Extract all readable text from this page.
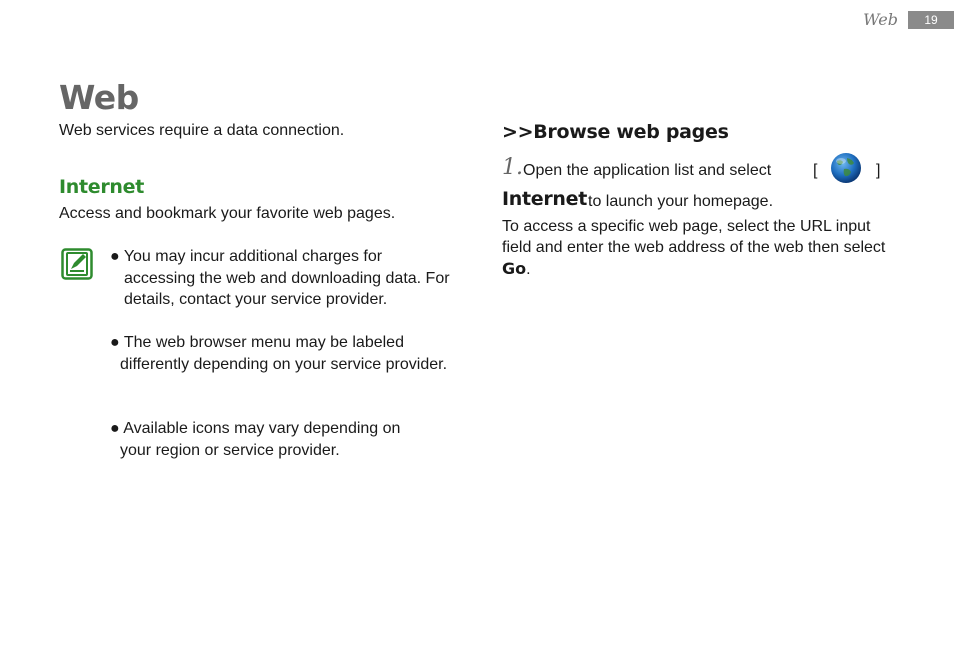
Web	19
Web

Web services require a data connection.

Internet

Access and bookmark your favorite web pages.

● You may incur additional charges for
accessing the web and downloading data. For details, contact your service provider.

● The web browser menu may be labeled
differently depending on your service provider.

● Available icons may vary depending on
your region or service provider.

>>Browse web pages
1. Open the application list and select	[	]
Internet to launch your homepage.

To access a specific web page, select the URL input field and enter the web address of the web then select Go.
